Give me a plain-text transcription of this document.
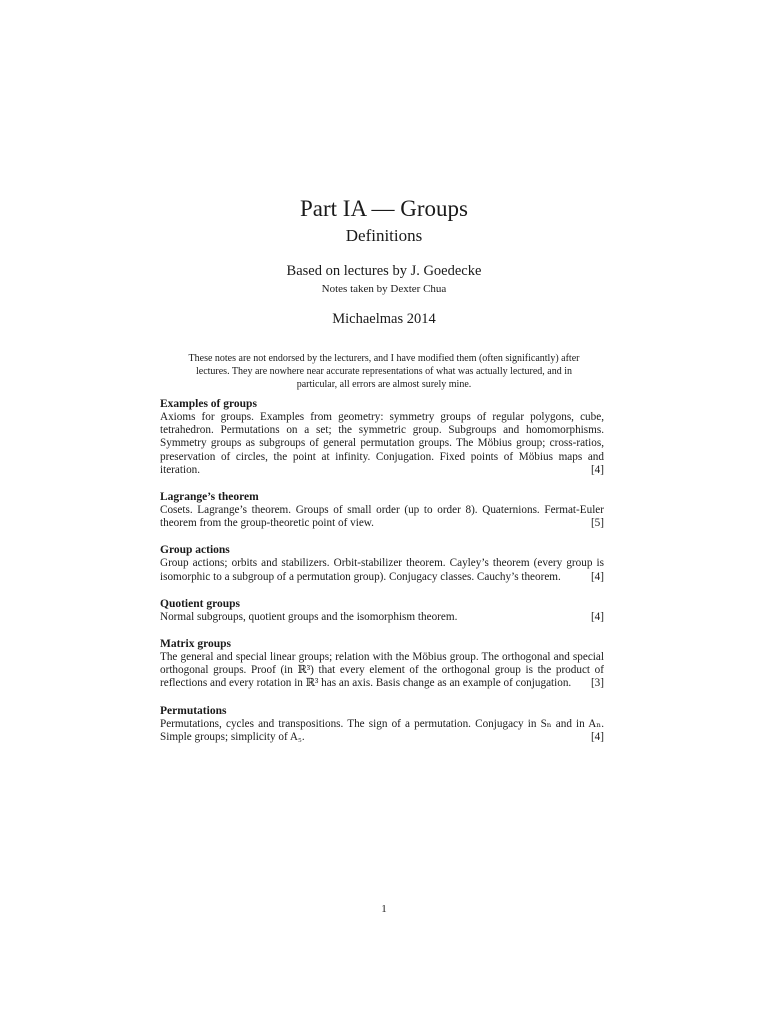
Part IA — Groups
Definitions
Based on lectures by J. Goedecke
Notes taken by Dexter Chua
Michaelmas 2014
These notes are not endorsed by the lecturers, and I have modified them (often significantly) after lectures. They are nowhere near accurate representations of what was actually lectured, and in particular, all errors are almost surely mine.
Examples of groups

Axioms for groups. Examples from geometry: symmetry groups of regular polygons, cube, tetrahedron. Permutations on a set; the symmetric group. Subgroups and homomorphisms. Symmetry groups as subgroups of general permutation groups. The Möbius group; cross-ratios, preservation of circles, the point at infinity. Conjugation. Fixed points of Möbius maps and iteration.	[4]

Lagrange’s theorem

Cosets. Lagrange’s theorem. Groups of small order (up to order 8). Quaternions. Fermat-Euler theorem from the group-theoretic point of view.	[5]

Group actions

Group actions; orbits and stabilizers. Orbit-stabilizer theorem. Cayley’s theorem (every group is isomorphic to a subgroup of a permutation group). Conjugacy classes. Cauchy’s theorem.	[4]

Quotient groups

Normal subgroups, quotient groups and the isomorphism theorem.	[4]

Matrix groups

The general and special linear groups; relation with the Möbius group. The orthogonal and special orthogonal groups. Proof (in ℝ³) that every element of the orthogonal group is the product of reflections and every rotation in ℝ³ has an axis. Basis change as an example of conjugation. [3]

Permutations

Permutations, cycles and transpositions. The sign of a permutation. Conjugacy in Sₙ and in Aₙ. Simple groups; simplicity of A₅.	[4]

1
